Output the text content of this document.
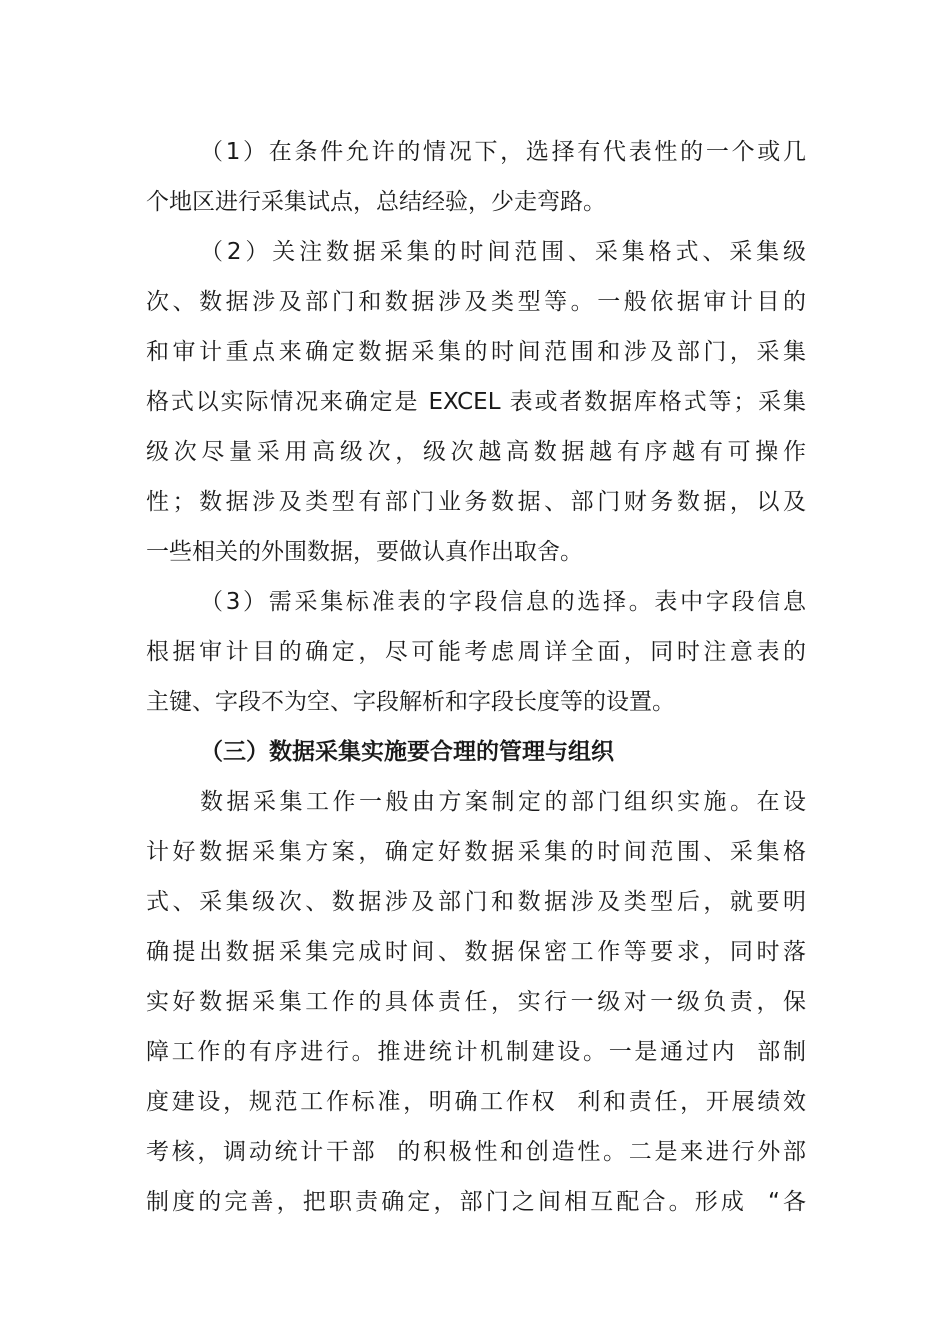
（1）在条件允许的情况下，选择有代表性的一个或几
个地区进行采集试点，总结经验，少走弯路。
（2）关注数据采集的时间范围、采集格式、采集级
次、数据涉及部门和数据涉及类型等。一般依据审计目的
和审计重点来确定数据采集的时间范围和涉及部门，采集
格式以实际情况来确定是 EXCEL 表或者数据库格式等；采集
级次尽量采用高级次，级次越高数据越有序越有可操作
性；数据涉及类型有部门业务数据、部门财务数据，以及
一些相关的外围数据，要做认真作出取舍。
（3）需采集标准表的字段信息的选择。表中字段信息
根据审计目的确定，尽可能考虑周详全面，同时注意表的
主键、字段不为空、字段解析和字段长度等的设置。
（三）数据采集实施要合理的管理与组织
数据采集工作一般由方案制定的部门组织实施。在设
计好数据采集方案，确定好数据采集的时间范围、采集格
式、采集级次、数据涉及部门和数据涉及类型后，就要明
确提出数据采集完成时间、数据保密工作等要求，同时落
实好数据采集工作的具体责任，实行一级对一级负责，保
障工作的有序进行。推进统计机制建设。一是通过内  部制
度建设，规范工作标准，明确工作权  利和责任，开展绩效
考核，调动统计干部  的积极性和创造性。二是来进行外部
制度的完善，把职责确定，部门之间相互配合。形成  “各
